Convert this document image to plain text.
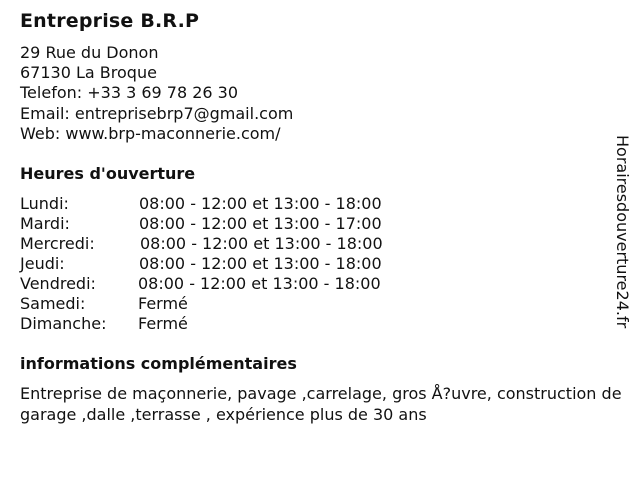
Entreprise B.R.P
29 Rue du Donon
67130 La Broque
Telefon: +33 3 69 78 26 30
Email: entreprisebrp7@gmail.com
Web: www.brp-maconnerie.com/
Heures d'ouverture
Lundi:	08:00 - 12:00 et 13:00 - 18:00
Mardi:	08:00 - 12:00 et 13:00 - 17:00
Mercredi:	08:00 - 12:00 et 13:00 - 18:00
Jeudi:	08:00 - 12:00 et 13:00 - 18:00
Vendredi:	08:00 - 12:00 et 13:00 - 18:00
Samedi:	Fermé
Dimanche: Fermé
informations complémentaires
Entreprise de maçonnerie, pavage ,carrelage, gros Å?uvre, construction de garage ,dalle ,terrasse , expérience plus de 30 ans
Horairesdouverture24.fr
